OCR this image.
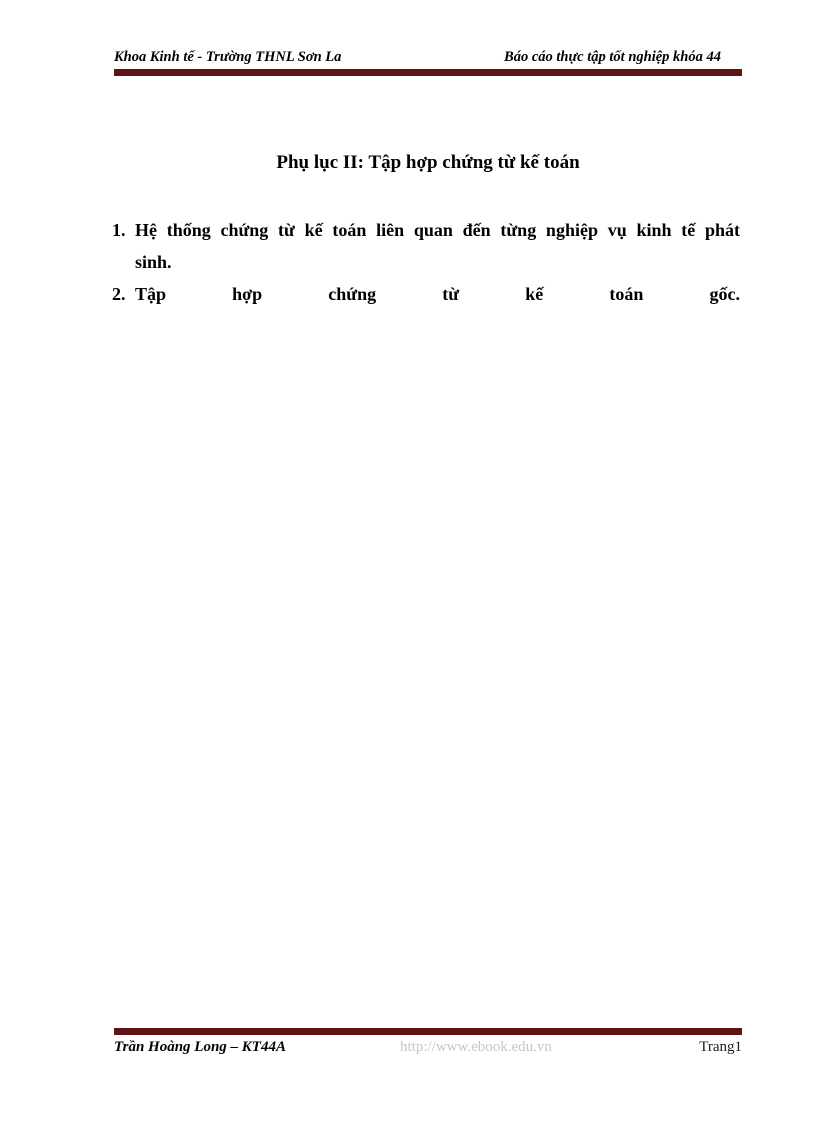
Khoa Kinh tế - Trường THNL Sơn La	Báo cáo thực tập tốt nghiệp khóa 44
Phụ lục II: Tập hợp chứng từ kế toán
1. Hệ thống chứng từ kế toán liên quan đến từng nghiệp vụ kinh tế phát
sinh.
2. Tập hợp chứng từ kế toán gốc.
Trần Hoàng Long – KT44A	http://www.ebook.edu.vn	Trang1
